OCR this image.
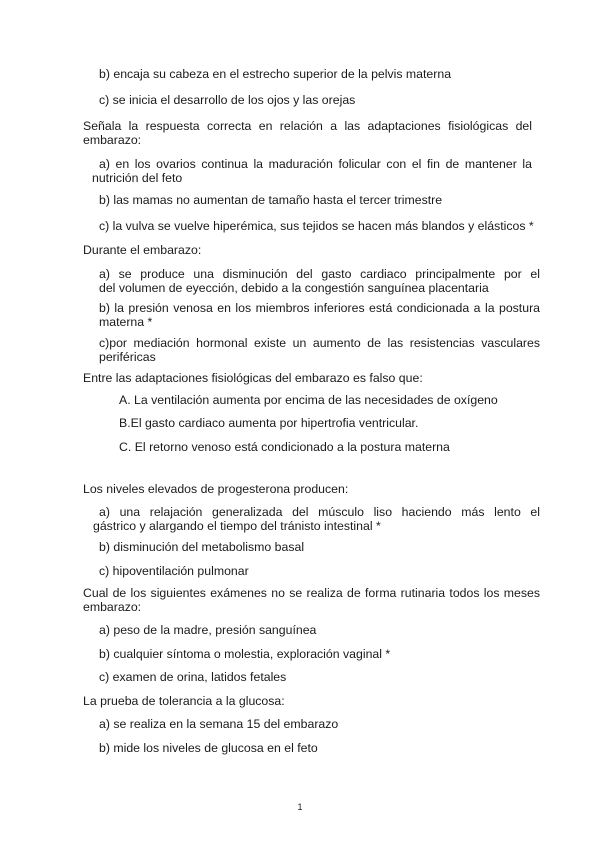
b) encaja su cabeza en el estrecho superior de la pelvis materna

c) se inicia el desarrollo de los ojos y las orejas

Señala la respuesta correcta en relación a las adaptaciones fisiológicas del

embarazo:

a) en los ovarios continua la maduración folicular con el fin de mantener la

nutrición del feto

b) las mamas no aumentan de tamaño hasta el tercer trimestre

c) la vulva se vuelve hiperémica, sus tejidos se hacen más blandos y elásticos *

Durante el embarazo:

a) se produce una disminución del gasto cardiaco principalmente por el

del volumen de eyección, debido a la congestión sanguínea placentaria

b) la presión venosa en los miembros inferiores está condicionada a la postura

materna *

c)por mediación hormonal existe un aumento de las resistencias vasculares

periféricas

Entre las adaptaciones fisiológicas del embarazo es falso que:

A. La ventilación aumenta por encima de las necesidades de oxígeno

B.El gasto cardiaco aumenta por hipertrofia ventricular.

C. El retorno venoso está condicionado a la postura materna

Los niveles elevados de progesterona producen:

a) una relajación generalizada del músculo liso haciendo más lento el

gástrico y alargando el tiempo del tránisto intestinal *

b) disminución del metabolismo basal

c) hipoventilación pulmonar

Cual de los siguientes exámenes no se realiza de forma rutinaria todos los meses

embarazo:

a) peso de la madre, presión sanguínea

b) cualquier síntoma o molestia, exploración vaginal *

c) examen de orina, latidos fetales

La prueba de tolerancia a la glucosa:

a) se realiza en la semana 15 del embarazo

b) mide los niveles de glucosa en el feto

1
